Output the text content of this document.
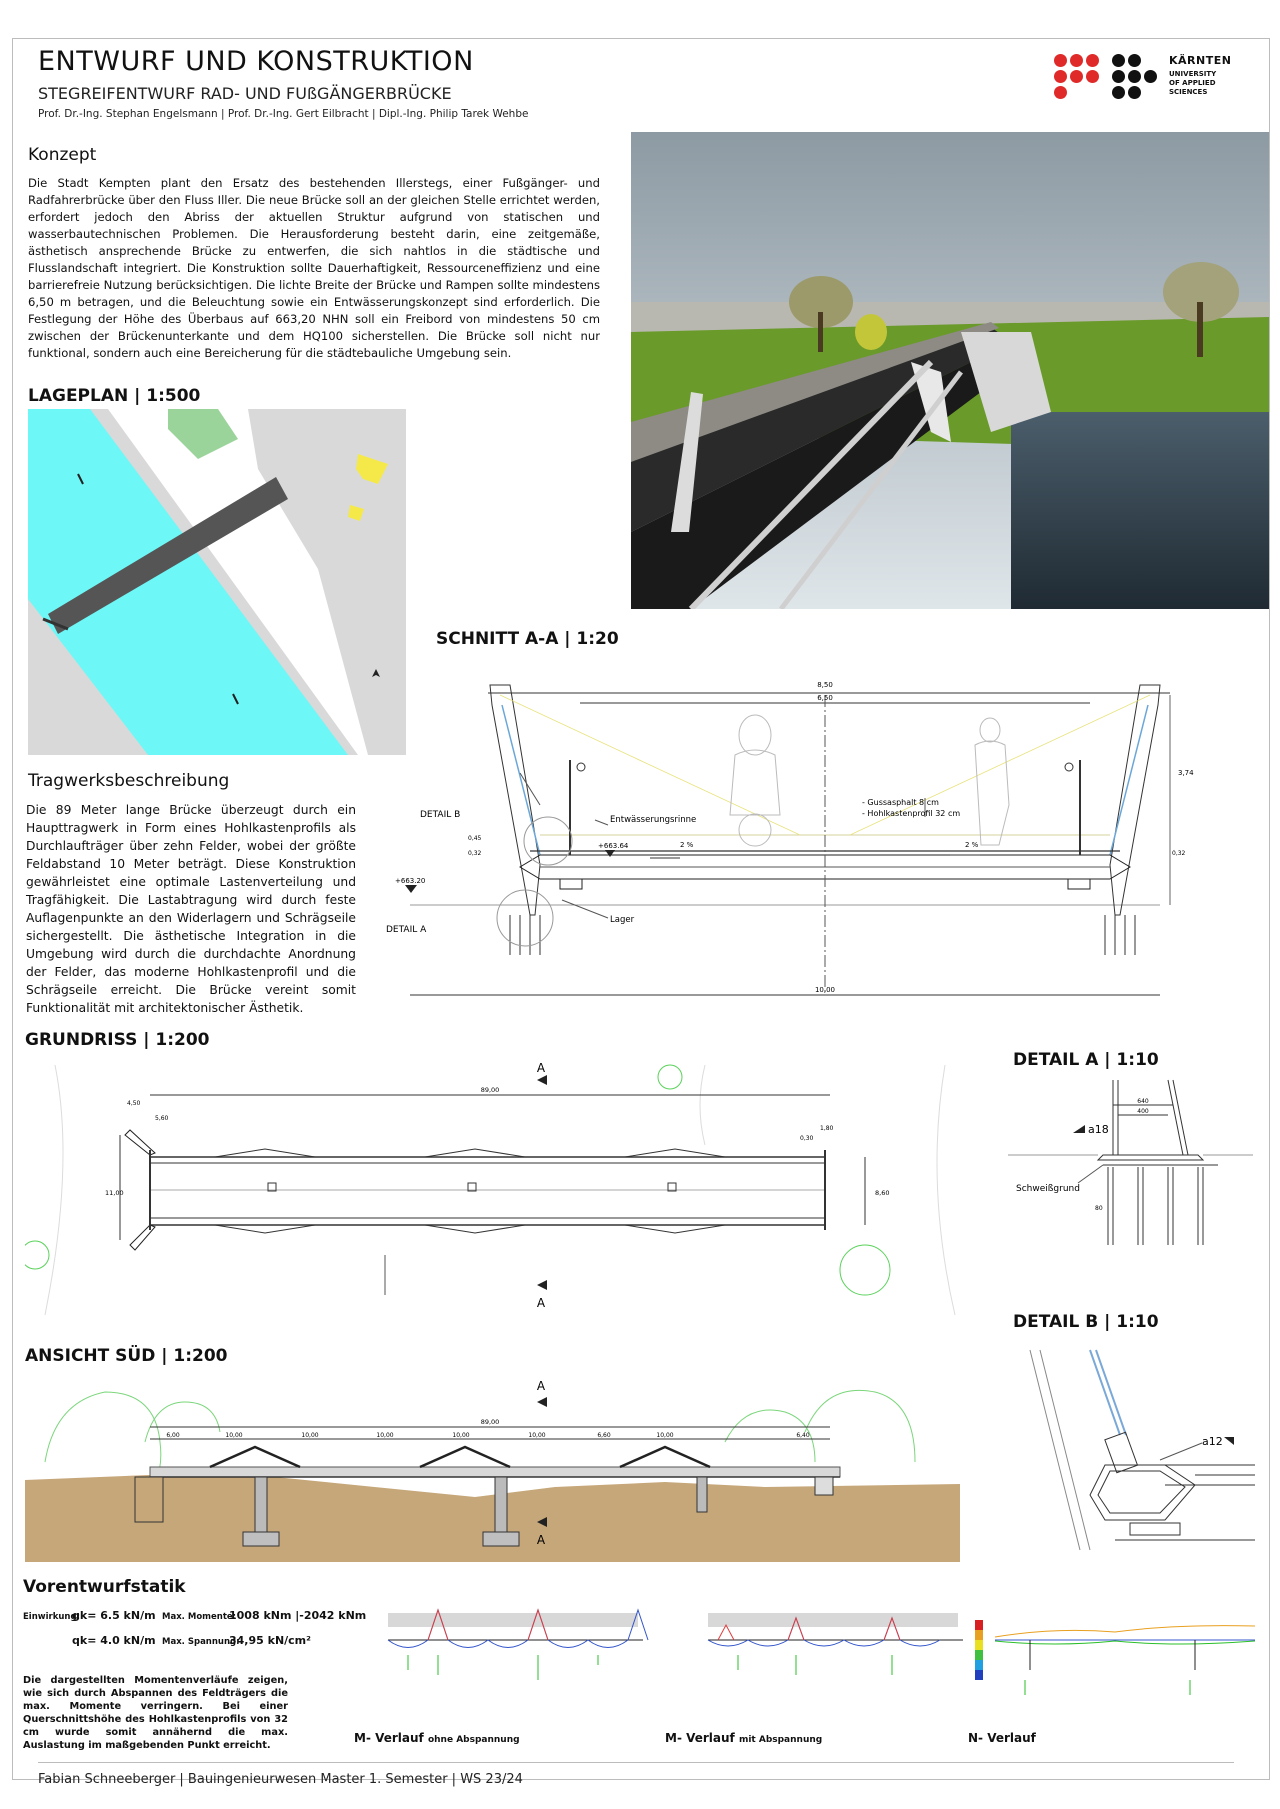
ENTWURF UND KONSTRUKTION
STEGREIFENTWURF RAD- UND FUßGÄNGERBRÜCKE
Prof. Dr.-Ing. Stephan Engelsmann | Prof. Dr.-Ing. Gert Eilbracht | Dipl.-Ing. Philip Tarek Wehbe
KÄRNTEN
UNIVERSITY
OF APPLIED
SCIENCES
Konzept
Die Stadt Kempten plant den Ersatz des bestehenden Illerstegs, einer Fußgänger- und Radfahrerbrücke über den Fluss Iller. Die neue Brücke soll an der gleichen Stelle errichtet werden, erfordert jedoch den Abriss der aktuellen Struktur aufgrund von statischen und wasserbautechnischen Problemen. Die Herausforderung besteht darin, eine zeitgemäße, ästhetisch ansprechende Brücke zu entwerfen, die sich nahtlos in die städtische und Flusslandschaft integriert. Die Konstruktion sollte Dauerhaftigkeit, Ressourceneffizienz und eine barrierefreie Nutzung berücksichtigen. Die lichte Breite der Brücke und Rampen sollte mindestens 6,50 m betragen, und die Beleuchtung sowie ein Entwässerungskonzept sind erforderlich. Die Festlegung der Höhe des Überbaus auf 663,20 NHN soll ein Freibord von mindestens 50 cm zwischen der Brückenunterkante und dem HQ100 sicherstellen. Die Brücke soll nicht nur funktional, sondern auch eine Bereicherung für die städtebauliche Umgebung sein.
LAGEPLAN | 1:500
Tragwerksbeschreibung
Die 89 Meter lange Brücke überzeugt durch ein Haupttragwerk in Form eines Hohlkastenprofils als Durchlaufträger über zehn Felder, wobei der größte Feldabstand 10 Meter beträgt. Diese Konstruktion gewährleistet eine optimale Lastenverteilung und Tragfähigkeit. Die Lastabtragung wird durch feste Auflagenpunkte an den Widerlagern und Schrägseile sichergestellt. Die ästhetische Integration in die Umgebung wird durch die durchdachte Anordnung der Felder, das moderne Hohlkastenprofil und die Schrägseile erreicht. Die Brücke vereint somit Funktionalität mit architektonischer Ästhetik.
SCHNITT A-A | 1:20
8,50
6,50
10,00
3,74
0,45
0,32	0,32
+663.64
+663.20
2 %	2 %
DETAIL B
DETAIL A
Entwässerungsrinne
Lager
- Gussasphalt 8 cm
- Hohlkastenprofil 32 cm
GRUNDRISS | 1:200
A
A
89,00
8,60
11,00
4,50
5,60
1,80
0,30
DETAIL A | 1:10
640
400
80
a18
Schweißgrund
DETAIL B | 1:10
a12
ANSICHT SÜD | 1:200
A
A
89,00
6,00	10,00	10,00	10,00	10,00	10,00	6,60	10,00	6,40
Vorentwurfstatik
Einwirkung:
gk= 6.5 kN/m
qk= 4.0 kN/m
Max. Momente:
1008 kNm |-2042 kNm
Max. Spannung:
34,95 kN/cm²
Die dargestellten Momentenverläufe zeigen, wie sich durch Abspannen des Feldträgers die max. Momente verringern. Bei einer Querschnittshöhe des Hohlkastenprofils von 32 cm wurde somit annähernd die max. Auslastung im maßgebenden Punkt erreicht.
M- Verlauf ohne Abspannung	M- Verlauf mit Abspannung	N- Verlauf
Fabian Schneeberger | Bauingenieurwesen Master 1. Semester | WS 23/24
